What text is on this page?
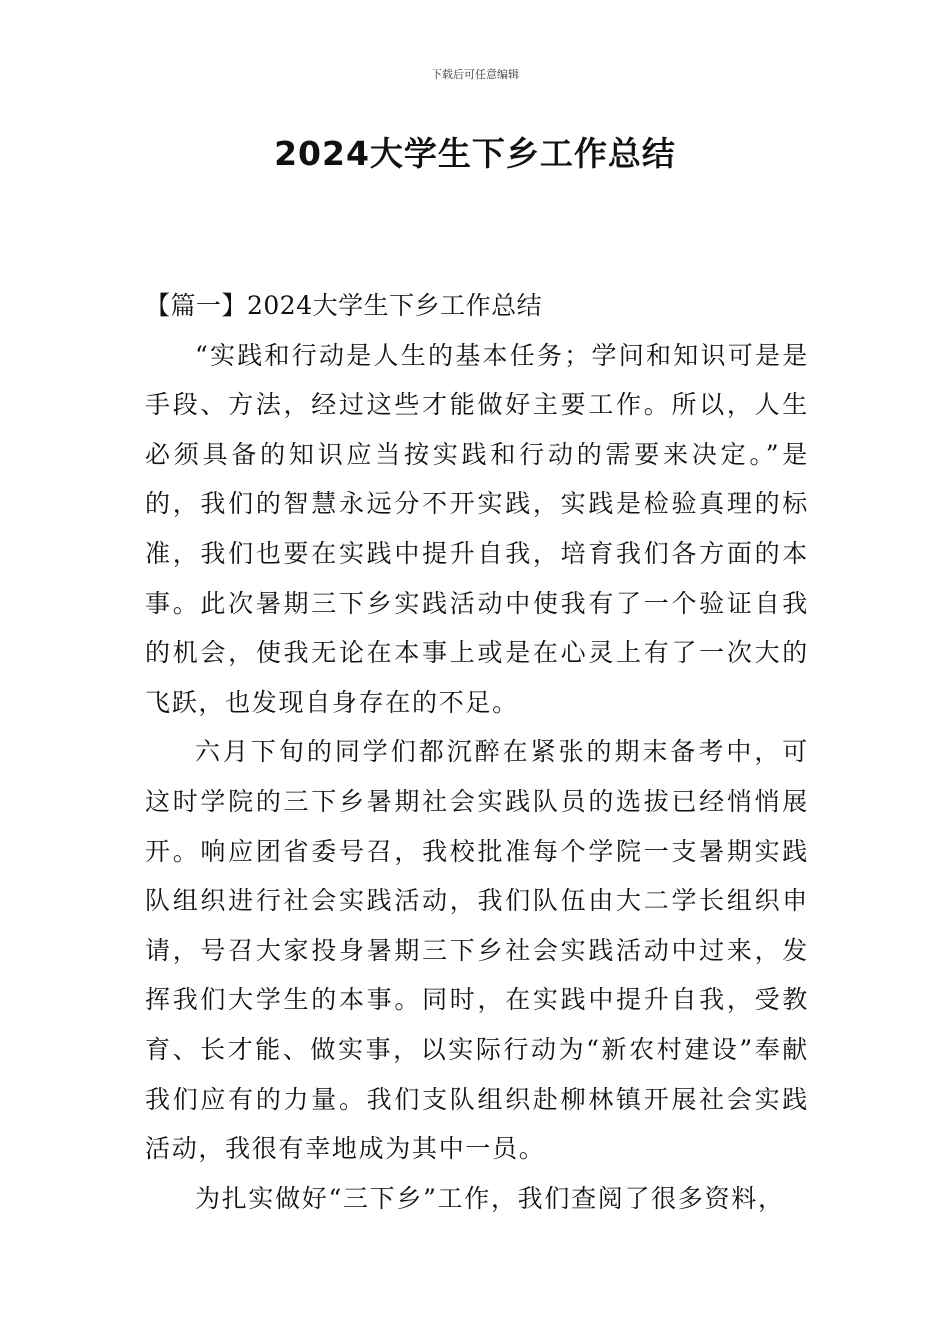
下载后可任意编辑
2024大学生下乡工作总结

【篇一】2024大学生下乡工作总结

“实践和行动是人生的基本任务；学问和知识可是是手段、方法，经过这些才能做好主要工作。所以，人生必须具备的知识应当按实践和行动的需要来决定。”是的，我们的智慧永远分不开实践，实践是检验真理的标准，我们也要在实践中提升自我，培育我们各方面的本事。此次暑期三下乡实践活动中使我有了一个验证自我的机会，使我无论在本事上或是在心灵上有了一次大的飞跃，也发现自身存在的不足。

六月下旬的同学们都沉醉在紧张的期末备考中，可这时学院的三下乡暑期社会实践队员的选拔已经悄悄展开。响应团省委号召，我校批准每个学院一支暑期实践队组织进行社会实践活动，我们队伍由大二学长组织申请，号召大家投身暑期三下乡社会实践活动中过来，发挥我们大学生的本事。同时，在实践中提升自我，受教育、长才能、做实事，以实际行动为“新农村建设”奉献我们应有的力量。我们支队组织赴柳林镇开展社会实践活动，我很有幸地成为其中一员。

为扎实做好“三下乡”工作，我们查阅了很多资料，
